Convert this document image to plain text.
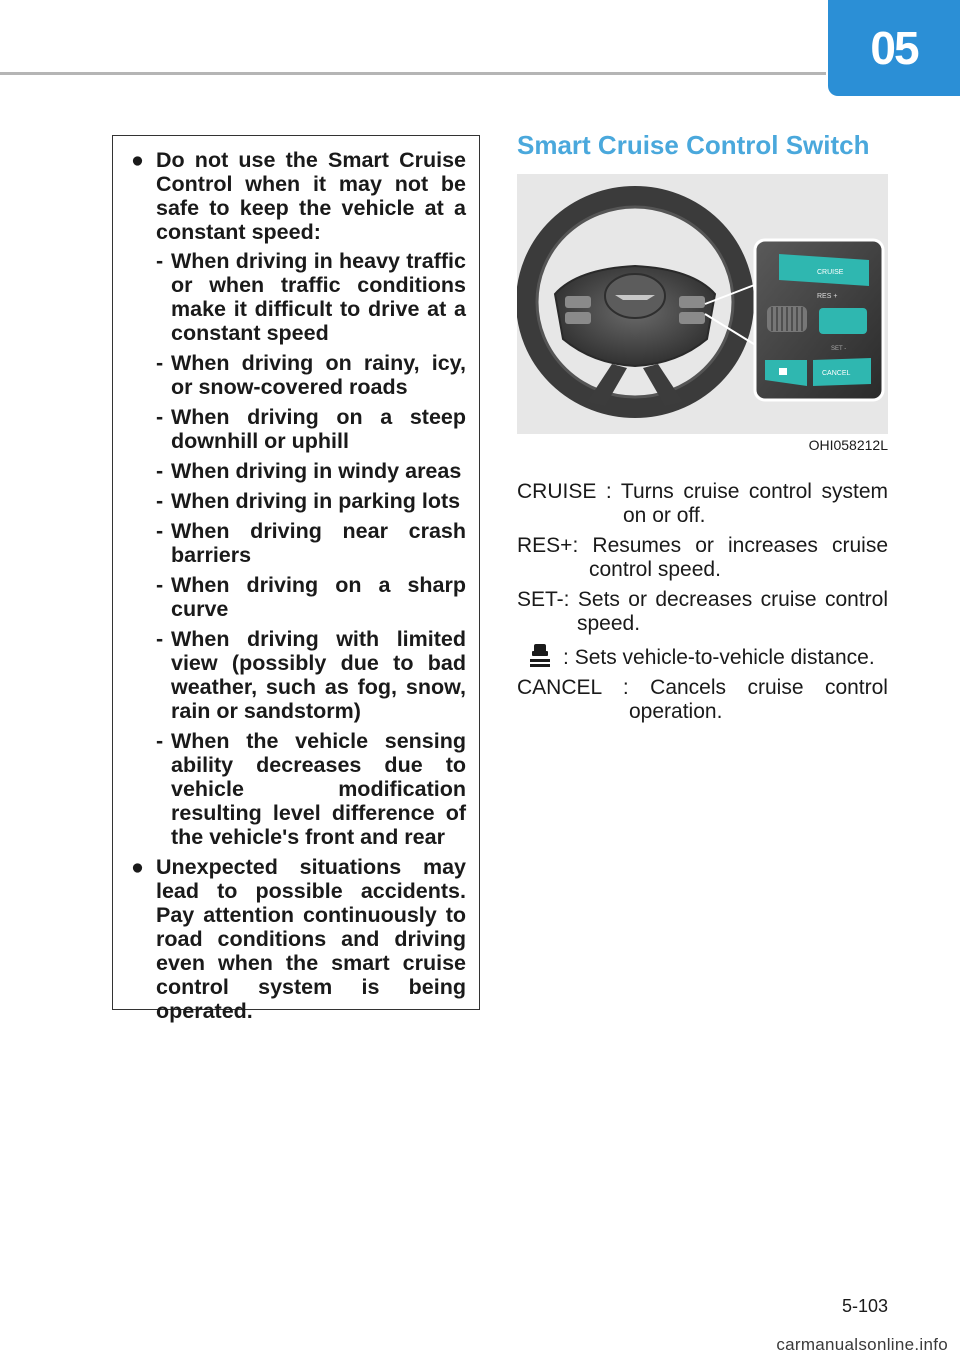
05
● Do not use the Smart Cruise Control when it may not be safe to keep the vehicle at a constant speed:
- When driving in heavy traffic or when traffic conditions make it difficult to drive at a constant speed
- When driving on rainy, icy, or snow-covered roads
- When driving on a steep downhill or uphill
- When driving in windy areas
- When driving in parking lots
- When driving near crash barriers
- When driving on a sharp curve
- When driving with limited view (possibly due to bad weather, such as fog, snow, rain or sandstorm)
- When the vehicle sensing ability decreases due to vehicle modification resulting level difference of the vehicle's front and rear
● Unexpected situations may lead to possible accidents. Pay attention continuously to road conditions and driving even when the smart cruise control system is being operated.
Smart Cruise Control Switch
CRUISE
RES +
SET -
CANCEL
OHI058212L
CRUISE : Turns cruise control system on or off.
RES+: Resumes or increases cruise control speed.
SET-: Sets or decreases cruise control speed.
: Sets vehicle-to-vehicle distance.
CANCEL : Cancels cruise control operation.
5-103
carmanualsonline.info
